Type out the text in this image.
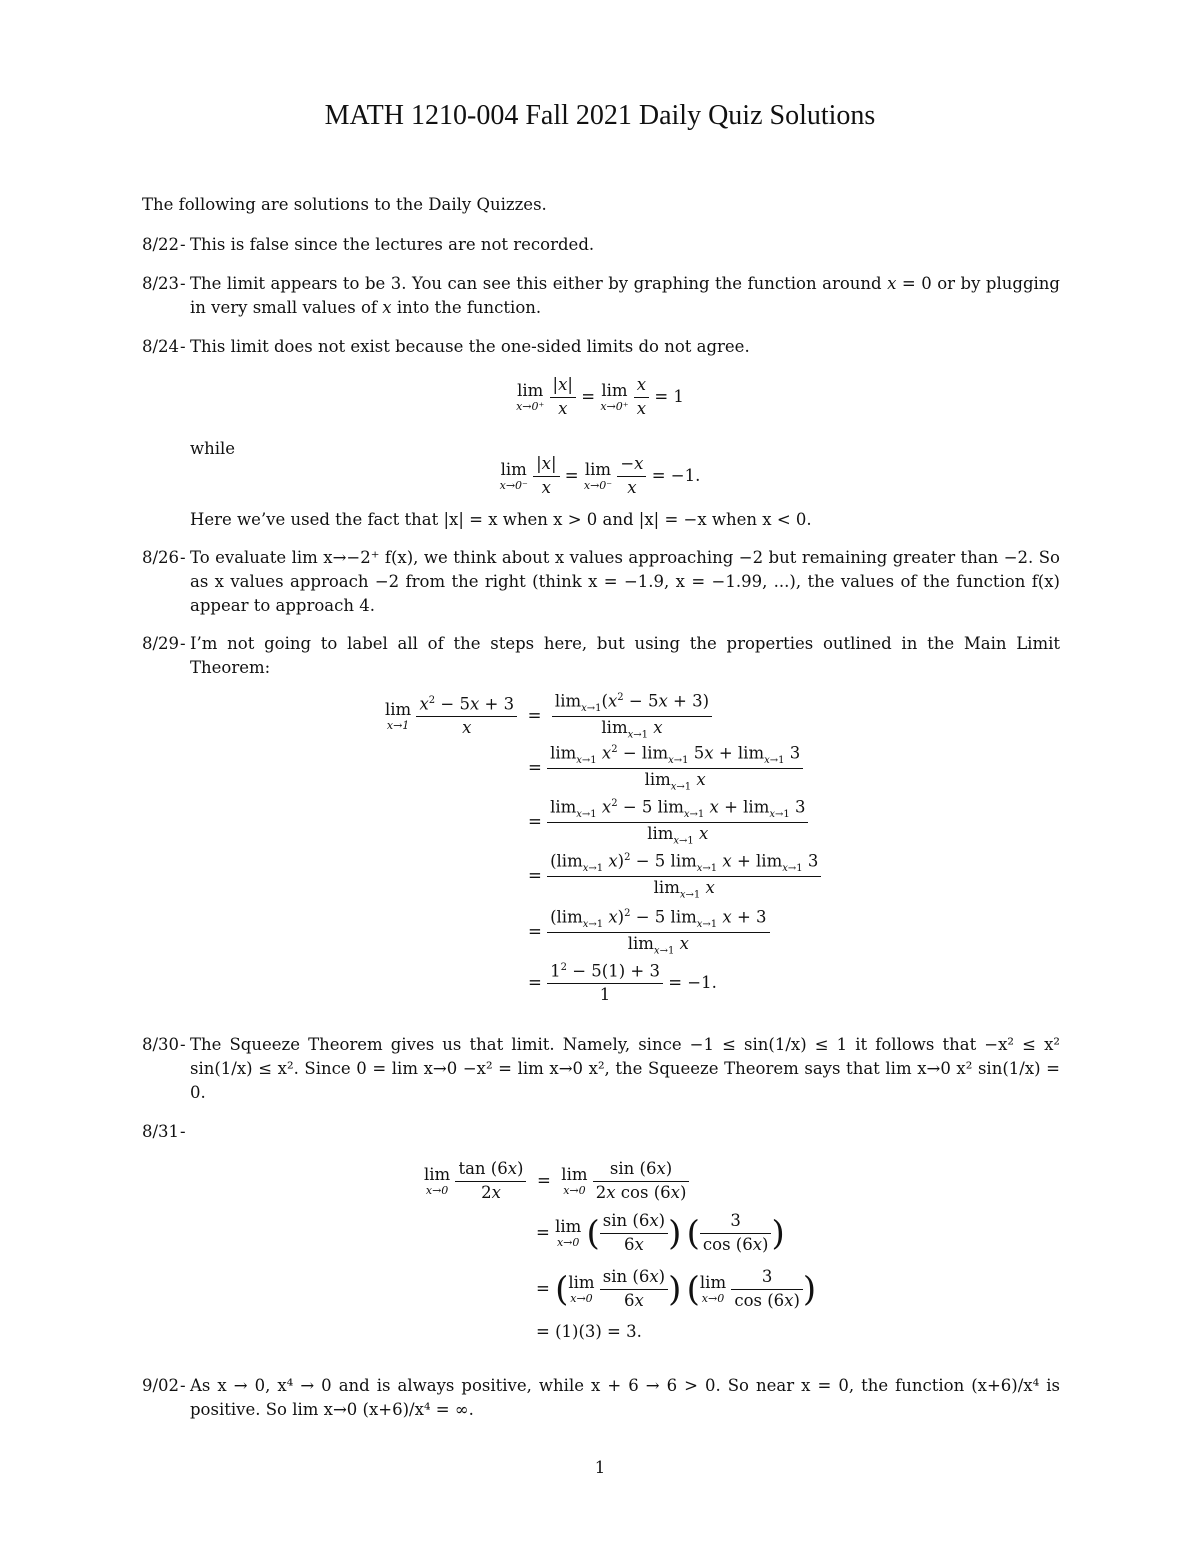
MATH 1210-004 Fall 2021 Daily Quiz Solutions
The following are solutions to the Daily Quizzes.
8/22 - This is false since the lectures are not recorded.
8/23 - The limit appears to be 3. You can see this either by graphing the function around x = 0 or by plugging in very small values of x into the function.
8/24 - This limit does not exist because the one-sided limits do not agree.
lim
x→0⁺
$\frac{|x|}{x} = \lim$
x→0⁺
$\frac{x}{x} = 1$
while
lim
x→0⁻
$\frac{|x|}{x} = \lim$
x→0⁻
$\frac{-x}{x} = -1$.
Here we’ve used the fact that |x| = x when x > 0 and |x| = −x when x < 0.
8/26 - To evaluate lim x→−2⁺ f(x), we think about x values approaching −2 but remaining greater than −2. So as x values approach −2 from the right (think x = −1.9, x = −1.99, ...), the values of the function f(x) appear to approach 4.
8/29 - I’m not going to label all of the steps here, but using the properties outlined in the Main Limit Theorem:
lim
x→1
$\frac{x^2 - 5x + 3}{x} = \frac{\lim_{x\to 1}(x^2 - 5x + 3)}{\lim_{x\to 1} x}$
= $\frac{\lim_{x\to 1} x^2 - \lim_{x\to 1} 5x + \lim_{x\to 1} 3}{\lim_{x\to 1} x}$
= $\frac{\lim_{x\to 1} x^2 - 5 \lim_{x\to 1} x + \lim_{x\to 1} 3}{\lim_{x\to 1} x}$
= $\frac{(\lim_{x\to 1} x)^2 - 5 \lim_{x\to 1} x + \lim_{x\to 1} 3}{\lim_{x\to 1} x}$
= $\frac{(\lim_{x\to 1} x)^2 - 5 \lim_{x\to 1} x + 3}{\lim_{x\to 1} x}$
= $\frac{1^2 - 5(1) + 3}{1} = -1$.
8/30 - The Squeeze Theorem gives us that limit. Namely, since −1 ≤ sin(1/x) ≤ 1 it follows that −x² ≤ x² sin(1/x) ≤ x². Since 0 = lim x→0 −x² = lim x→0 x², the Squeeze Theorem says that lim x→0 x² sin(1/x) = 0.
8/31 -
lim
x→0
$\frac{\tan (6x)}{2x} = \lim$
x→0
$\frac{\sin (6x)}{\text{2x cos (6x)}}$
= lim
x→0 ( $\frac{\sin (6x)}{6x}$ ) ( $\frac{3}{\cos (6x)}$ )
= (lim
x→0
$\frac{\sin (6x)}{6x}$ ) (lim
x→0
$\frac{3}{\cos (6x)}$ )
= (1)(3) = 3.
9/02 - As x → 0, x⁴ → 0 and is always positive, while x + 6 → 6 > 0. So near x = 0, the function (x+6)/x⁴ is positive. So lim x→0 (x+6)/x⁴ = ∞.
1
